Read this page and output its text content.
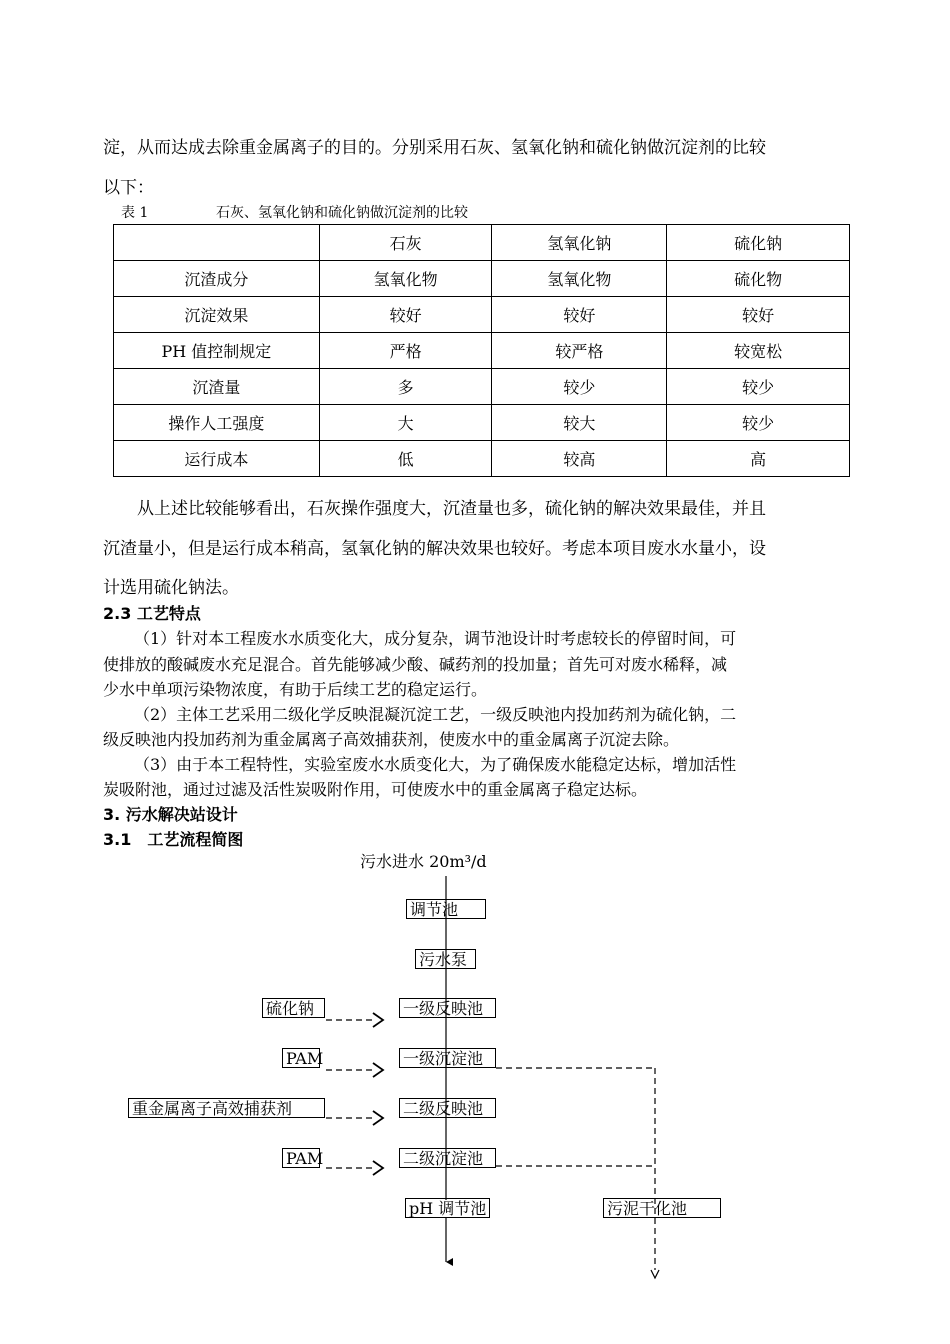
淀，从而达成去除重金属离子的目的。分别采用石灰、氢氧化钠和硫化钠做沉淀剂的比较
以下：
表 1	石灰、氢氧化钠和硫化钠做沉淀剂的比较
	石灰	氢氧化钠	硫化钠
沉渣成分	氢氧化物	氢氧化物	硫化物
沉淀效果	较好	较好	较好
PH 值控制规定	严格	较严格	较宽松
沉渣量	多	较少	较少
操作人工强度	大	较大	较少
运行成本	低	较高	高
从上述比较能够看出，石灰操作强度大，沉渣量也多，硫化钠的解决效果最佳，并且
沉渣量小，但是运行成本稍高，氢氧化钠的解决效果也较好。考虑本项目废水水量小，设
计选用硫化钠法。
2.3 工艺特点
（1）针对本工程废水水质变化大，成分复杂，调节池设计时考虑较长的停留时间，可
使排放的酸碱废水充足混合。首先能够减少酸、碱药剂的投加量；首先可对废水稀释，减
少水中单项污染物浓度，有助于后续工艺的稳定运行。
（2）主体工艺采用二级化学反映混凝沉淀工艺，一级反映池内投加药剂为硫化钠，二
级反映池内投加药剂为重金属离子高效捕获剂，使废水中的重金属离子沉淀去除。
（3）由于本工程特性，实验室废水水质变化大，为了确保废水能稳定达标，增加活性
炭吸附池，通过过滤及活性炭吸附作用，可使废水中的重金属离子稳定达标。
3. 污水解决站设计
3.1　工艺流程简图
污水进水 20m³/d
调节池
污水泵
一级反映池
一级沉淀池
二级反映池
二级沉淀池
pH 调节池	污泥干化池
硫化钠
PAM
重金属离子高效捕获剂
PAM
